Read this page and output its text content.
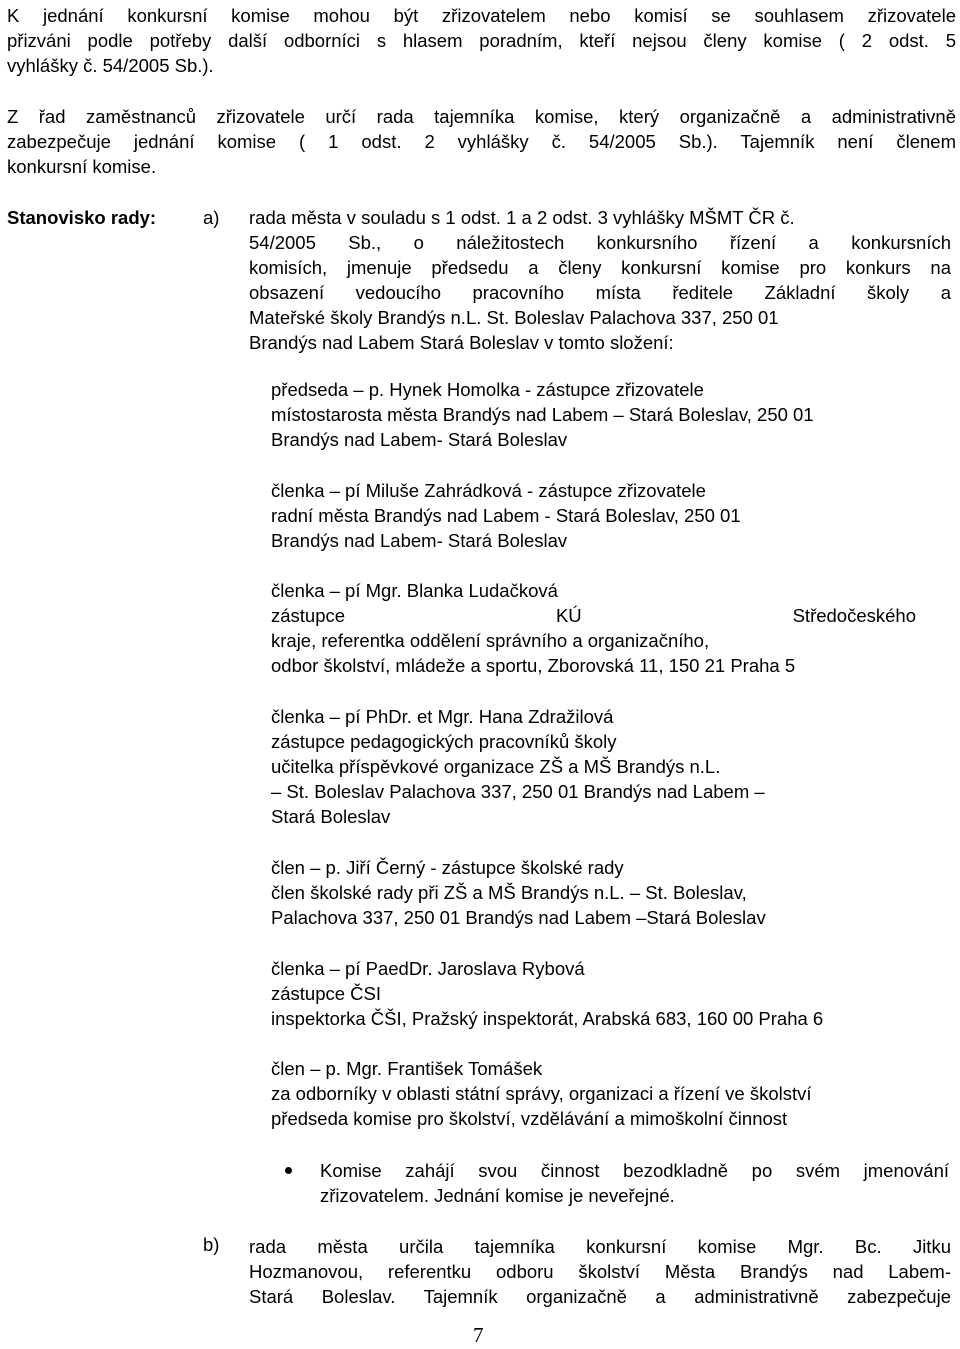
K jednání konkursní komise mohou být zřizovatelem nebo komisí se souhlasem zřizovatele
přizváni podle potřeby další odborníci s hlasem poradním, kteří nejsou členy komise ( 2 odst. 5
vyhlášky č. 54/2005 Sb.).
Z řad zaměstnanců zřizovatele určí rada tajemníka komise, který organizačně a administrativně
zabezpečuje jednání komise ( 1 odst. 2 vyhlášky č. 54/2005 Sb.). Tajemník není členem
konkursní komise.
Stanovisko rady:	a) rada města v souladu s 1 odst. 1 a 2 odst. 3 vyhlášky MŠMT ČR č.
54/2005 Sb., o náležitostech konkursního řízení a konkursních
komisích, jmenuje předsedu a členy konkursní komise pro konkurs na
obsazení vedoucího pracovního místa ředitele Základní školy a
Mateřské školy Brandýs n.L. St. Boleslav Palachova 337, 250 01
Brandýs nad Labem Stará Boleslav v tomto složení:
předseda – p. Hynek Homolka - zástupce zřizovatele
místostarosta města Brandýs nad Labem – Stará Boleslav, 250 01
Brandýs nad Labem- Stará Boleslav
členka – pí Miluše Zahrádková - zástupce zřizovatele
radní města Brandýs nad Labem - Stará Boleslav, 250 01
Brandýs nad Labem- Stará Boleslav
členka – pí Mgr. Blanka Ludačková
zástupce KÚ Středočeského
kraje, referentka oddělení správního a organizačního,
odbor školství, mládeže a sportu, Zborovská 11, 150 21 Praha 5
členka – pí PhDr. et Mgr. Hana Zdražilová
zástupce pedagogických pracovníků školy
učitelka příspěvkové organizace ZŠ a MŠ Brandýs n.L.
– St. Boleslav Palachova 337, 250 01 Brandýs nad Labem –
Stará Boleslav
člen – p. Jiří Černý - zástupce školské rady
člen školské rady při ZŠ a MŠ Brandýs n.L. – St. Boleslav,
Palachova 337, 250 01 Brandýs nad Labem –Stará Boleslav
členka – pí PaedDr. Jaroslava Rybová
zástupce ČSI
inspektorka ČŠI, Pražský inspektorát, Arabská 683, 160 00 Praha 6
člen – p. Mgr. František Tomášek
za odborníky v oblasti státní správy, organizaci a řízení ve školství
předseda komise pro školství, vzdělávání a mimoškolní činnost
Komise zahájí svou činnost bezodkladně po svém jmenování
zřizovatelem. Jednání komise je neveřejné.
b) rada města určila tajemníka konkursní komise Mgr. Bc. Jitku
Hozmanovou, referentku odboru školství Města Brandýs nad Labem-
Stará Boleslav. Tajemník organizačně a administrativně zabezpečuje
7
